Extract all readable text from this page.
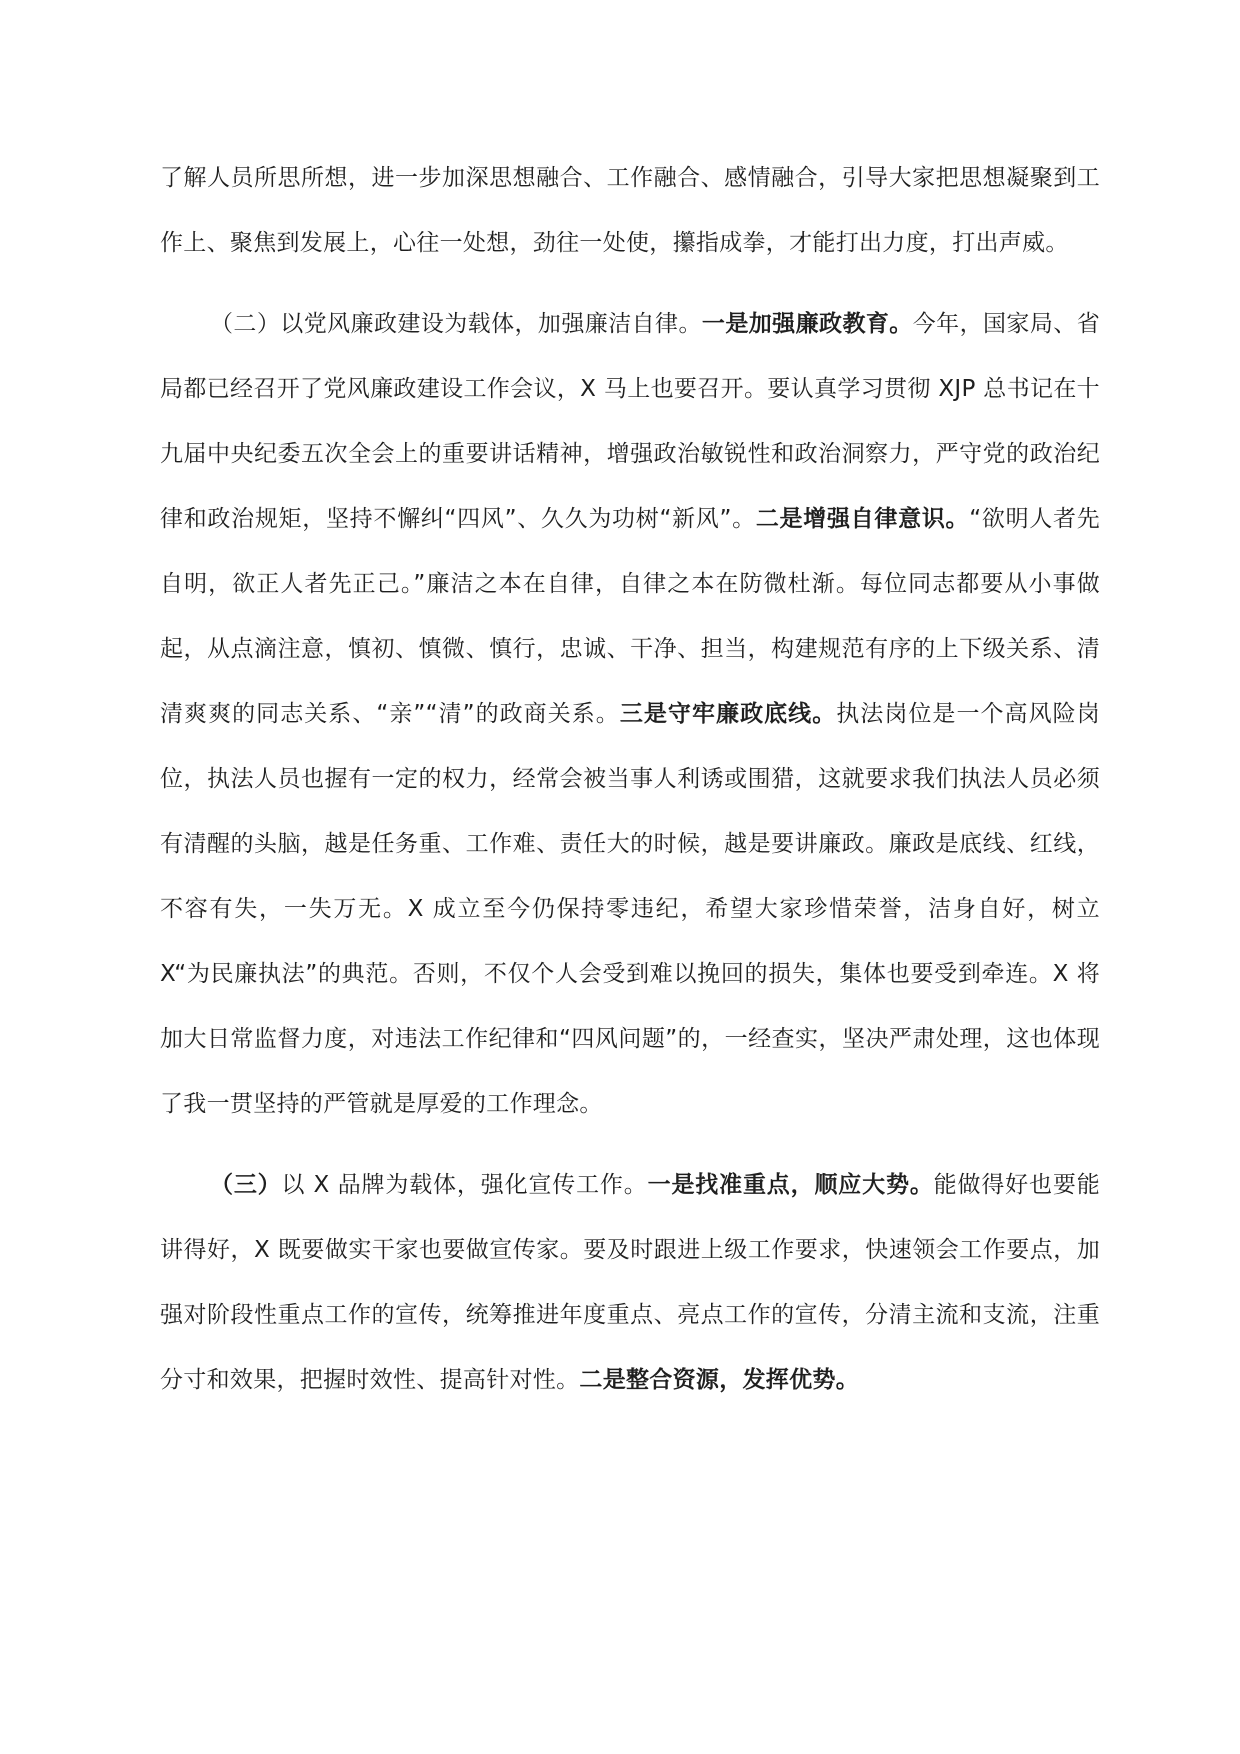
了解人员所思所想，进一步加深思想融合、工作融合、感情融合，引导大家把思想凝聚到工作上、聚焦到发展上，心往一处想，劲往一处使，攥指成拳，才能打出力度，打出声威。

（二）以党风廉政建设为载体，加强廉洁自律。一是加强廉政教育。今年，国家局、省局都已经召开了党风廉政建设工作会议，X 马上也要召开。要认真学习贯彻 XJP 总书记在十九届中央纪委五次全会上的重要讲话精神，增强政治敏锐性和政治洞察力，严守党的政治纪律和政治规矩，坚持不懈纠“四风”、久久为功树“新风”。二是增强自律意识。“欲明人者先自明，欲正人者先正己。”廉洁之本在自律，自律之本在防微杜渐。每位同志都要从小事做起，从点滴注意，慎初、慎微、慎行，忠诚、干净、担当，构建规范有序的上下级关系、清清爽爽的同志关系、“亲”“清”的政商关系。三是守牢廉政底线。执法岗位是一个高风险岗位，执法人员也握有一定的权力，经常会被当事人利诱或围猎，这就要求我们执法人员必须有清醒的头脑，越是任务重、工作难、责任大的时候，越是要讲廉政。廉政是底线、红线，不容有失，一失万无。X 成立至今仍保持零违纪，希望大家珍惜荣誉，洁身自好，树立 X“为民廉执法”的典范。否则，不仅个人会受到难以挽回的损失，集体也要受到牵连。X 将加大日常监督力度，对违法工作纪律和“四风问题”的，一经查实，坚决严肃处理，这也体现了我一贯坚持的严管就是厚爱的工作理念。

（三）以 X 品牌为载体，强化宣传工作。一是找准重点，顺应大势。能做得好也要能讲得好，X 既要做实干家也要做宣传家。要及时跟进上级工作要求，快速领会工作要点，加强对阶段性重点工作的宣传，统筹推进年度重点、亮点工作的宣传，分清主流和支流，注重分寸和效果，把握时效性、提高针对性。二是整合资源，发挥优势。
